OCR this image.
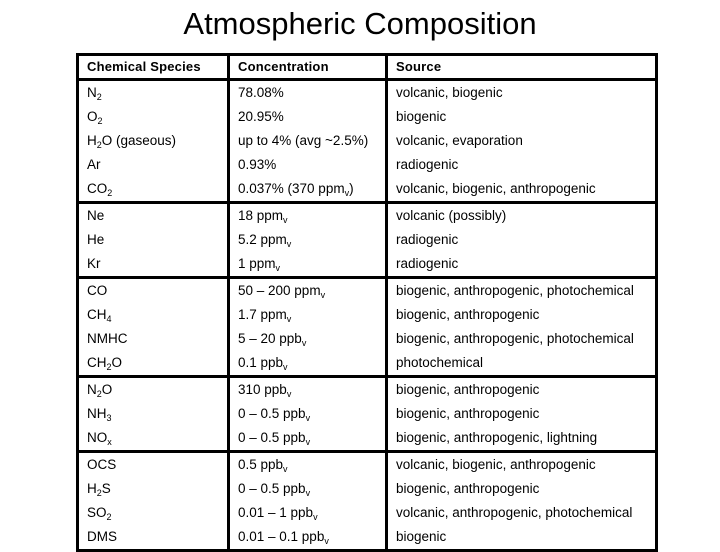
Atmospheric Composition
Chemical Species	Concentration	Source
$N_2$	78.08%	volcanic, biogenic
$O_2$	20.95%	biogenic
$H_2O$ (gaseous)	up to 4% (avg ~2.5%)	volcanic, evaporation
Ar	0.93%	radiogenic
$CO_2$	0.037% (370 ppm$_v$)	volcanic, biogenic, anthropogenic
Ne	18 ppm$_v$	volcanic (possibly)
He	5.2 ppm$_v$	radiogenic
Kr	1 ppm$_v$	radiogenic
CO	50 – 200 ppm$_v$	biogenic, anthropogenic, photochemical
$CH_4$	1.7 ppm$_v$	biogenic, anthropogenic
NMHC	5 – 20 ppb$_v$	biogenic, anthropogenic, photochemical
$CH_2O$	0.1 ppb$_v$	photochemical
$N_2O$	310 ppb$_v$	biogenic, anthropogenic
$NH_3$	0 – 0.5 ppb$_v$	biogenic, anthropogenic
$NO_x$	0 – 0.5 ppb$_v$	biogenic, anthropogenic, lightning
OCS	0.5 ppb$_v$	volcanic, biogenic, anthropogenic
$H_2S$	0 – 0.5 ppb$_v$	biogenic, anthropogenic
$SO_2$	0.01 – 1 ppb$_v$	volcanic, anthropogenic, photochemical
DMS	0.01 – 0.1 ppb$_v$	biogenic
